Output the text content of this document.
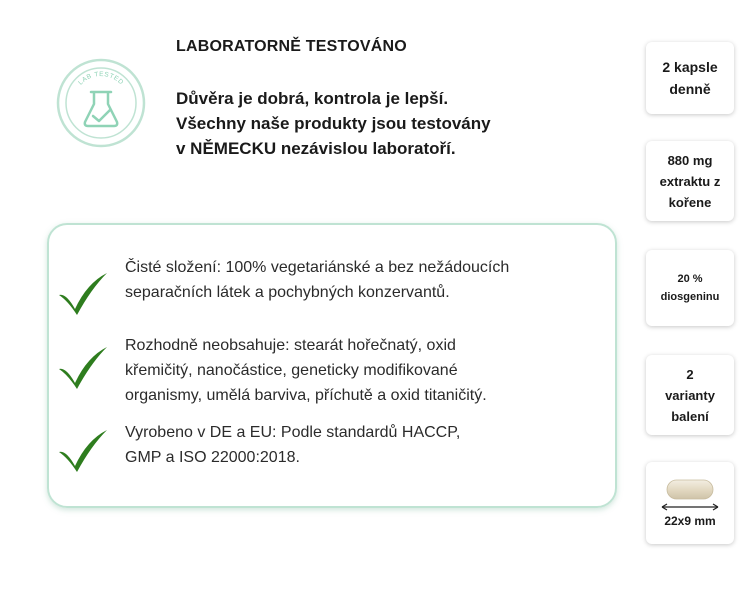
LAB TESTED
LABORATORNĚ TESTOVÁNO
Důvěra je dobrá, kontrola je lepší.
Všechny naše produkty jsou testovány
v NĚMECKU nezávislou laboratoří.
Čisté složení: 100% vegetariánské a bez nežádoucích
separačních látek a pochybných konzervantů.
Rozhodně neobsahuje: stearát hořečnatý, oxid
křemičitý, nanočástice, geneticky modifikované
organismy, umělá barviva, příchutě a oxid titaničitý.
Vyrobeno v DE a EU: Podle standardů HACCP,
GMP a ISO 22000:2018.
2 kapsle
denně
880 mg
extraktu z
kořene
20 %
diosgeninu
2
varianty
balení
22x9 mm
